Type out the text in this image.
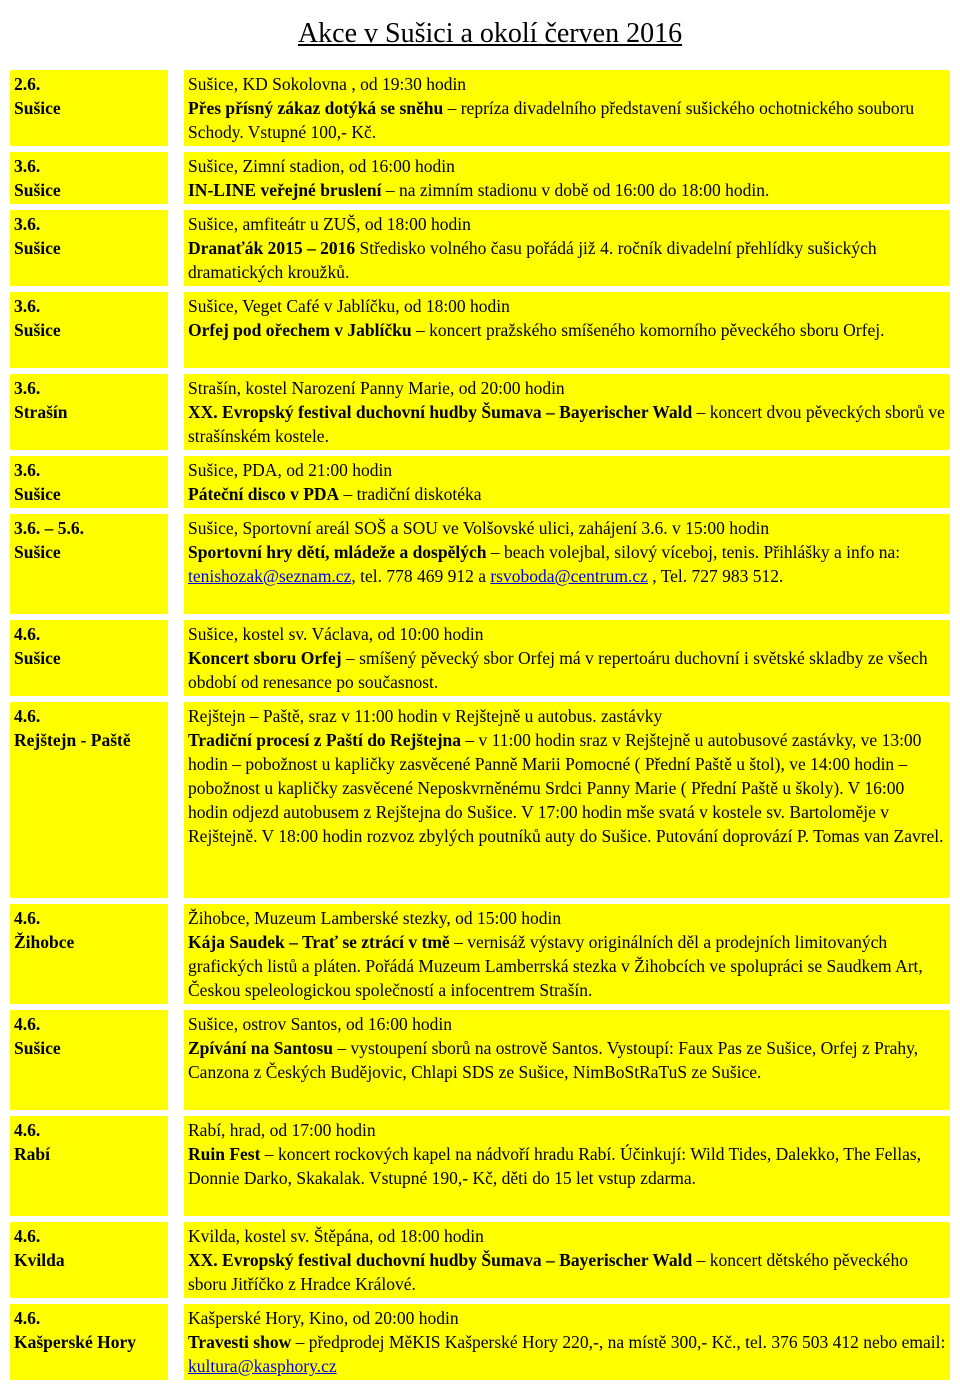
Akce v Sušici a okolí červen 2016
2.6.
Sušice
Sušice, KD Sokolovna , od 19:30 hodin
Přes přísný zákaz dotýká se sněhu – repríza divadelního představení sušického ochotnického souboru Schody. Vstupné 100,- Kč.
3.6.
Sušice
Sušice, Zimní stadion, od 16:00 hodin
IN-LINE veřejné bruslení – na zimním stadionu v době od 16:00 do 18:00 hodin.
3.6.
Sušice
Sušice, amfiteátr u ZUŠ, od 18:00 hodin
Dranaťák 2015 – 2016 Středisko volného času pořádá již 4. ročník divadelní přehlídky sušických dramatických kroužků.
3.6.
Sušice
Sušice, Veget Café v Jablíčku, od 18:00 hodin
Orfej pod ořechem v Jablíčku – koncert pražského smíšeného komorního pěveckého sboru Orfej.
3.6.
Strašín
Strašín, kostel Narození Panny Marie, od 20:00 hodin
XX. Evropský festival duchovní hudby Šumava – Bayerischer Wald – koncert dvou pěveckých sborů ve strašínském kostele.
3.6.
Sušice
Sušice, PDA, od 21:00 hodin
Páteční disco v PDA – tradiční diskotéka
3.6. – 5.6.
Sušice
Sušice, Sportovní areál SOŠ a SOU ve Volšovské ulici, zahájení 3.6. v 15:00 hodin
Sportovní hry dětí, mládeže a dospělých – beach volejbal, silový víceboj, tenis. Přihlášky a info na: tenishozak@seznam.cz, tel. 778 469 912 a rsvoboda@centrum.cz , Tel. 727 983 512.
4.6.
Sušice
Sušice, kostel sv. Václava, od 10:00 hodin
Koncert sboru Orfej – smíšený pěvecký sbor Orfej má v repertoáru duchovní i světské skladby ze všech období od renesance po současnost.
4.6.
Rejštejn - Paště
Rejštejn – Paště, sraz v 11:00 hodin v Rejštejně u autobus. zastávky
Tradiční procesí z Paští do Rejštejna – v 11:00 hodin sraz v Rejštejně u autobusové zastávky, ve 13:00 hodin – pobožnost u kapličky zasvěcené Panně Marii Pomocné ( Přední Paště u štol), ve 14:00 hodin – pobožnost u kapličky zasvěcené Neposkvrněnému Srdci Panny Marie ( Přední Paště u školy). V 16:00 hodin odjezd autobusem z Rejštejna do Sušice. V 17:00 hodin mše svatá v kostele sv. Bartoloměje v Rejštejně. V 18:00 hodin rozvoz zbylých poutníků auty do Sušice. Putování doprovází P. Tomas van Zavrel.
4.6.
Žihobce
Žihobce, Muzeum Lamberské stezky, od 15:00 hodin
Kája Saudek – Trať se ztrácí v tmě – vernisáž výstavy originálních děl a prodejních limitovaných grafických listů a pláten. Pořádá Muzeum Lamberrská stezka v Žihobcích ve spolupráci se Saudkem Art, Českou speleologickou společností a infocentrem Strašín.
4.6.
Sušice
Sušice, ostrov Santos, od 16:00 hodin
Zpívání na Santosu – vystoupení sborů na ostrově Santos. Vystoupí: Faux Pas ze Sušice, Orfej z Prahy, Canzona z Českých Budějovic, Chlapi SDS ze Sušice, NimBoStRaTuS ze Sušice.
4.6.
Rabí
Rabí, hrad, od 17:00 hodin
Ruin Fest – koncert rockových kapel na nádvoří hradu Rabí. Účinkují: Wild Tides, Dalekko, The Fellas, Donnie Darko, Skakalak. Vstupné 190,- Kč, děti do 15 let vstup zdarma.
4.6.
Kvilda
Kvilda, kostel sv. Štěpána, od 18:00 hodin
XX. Evropský festival duchovní hudby Šumava – Bayerischer Wald – koncert dětského pěveckého sboru Jitříčko z Hradce Králové.
4.6.
Kašperské Hory
Kašperské Hory, Kino, od 20:00 hodin
Travesti show – předprodej MěKIS Kašperské Hory 220,-, na místě 300,- Kč., tel. 376 503 412 nebo email: kultura@kasphory.cz
